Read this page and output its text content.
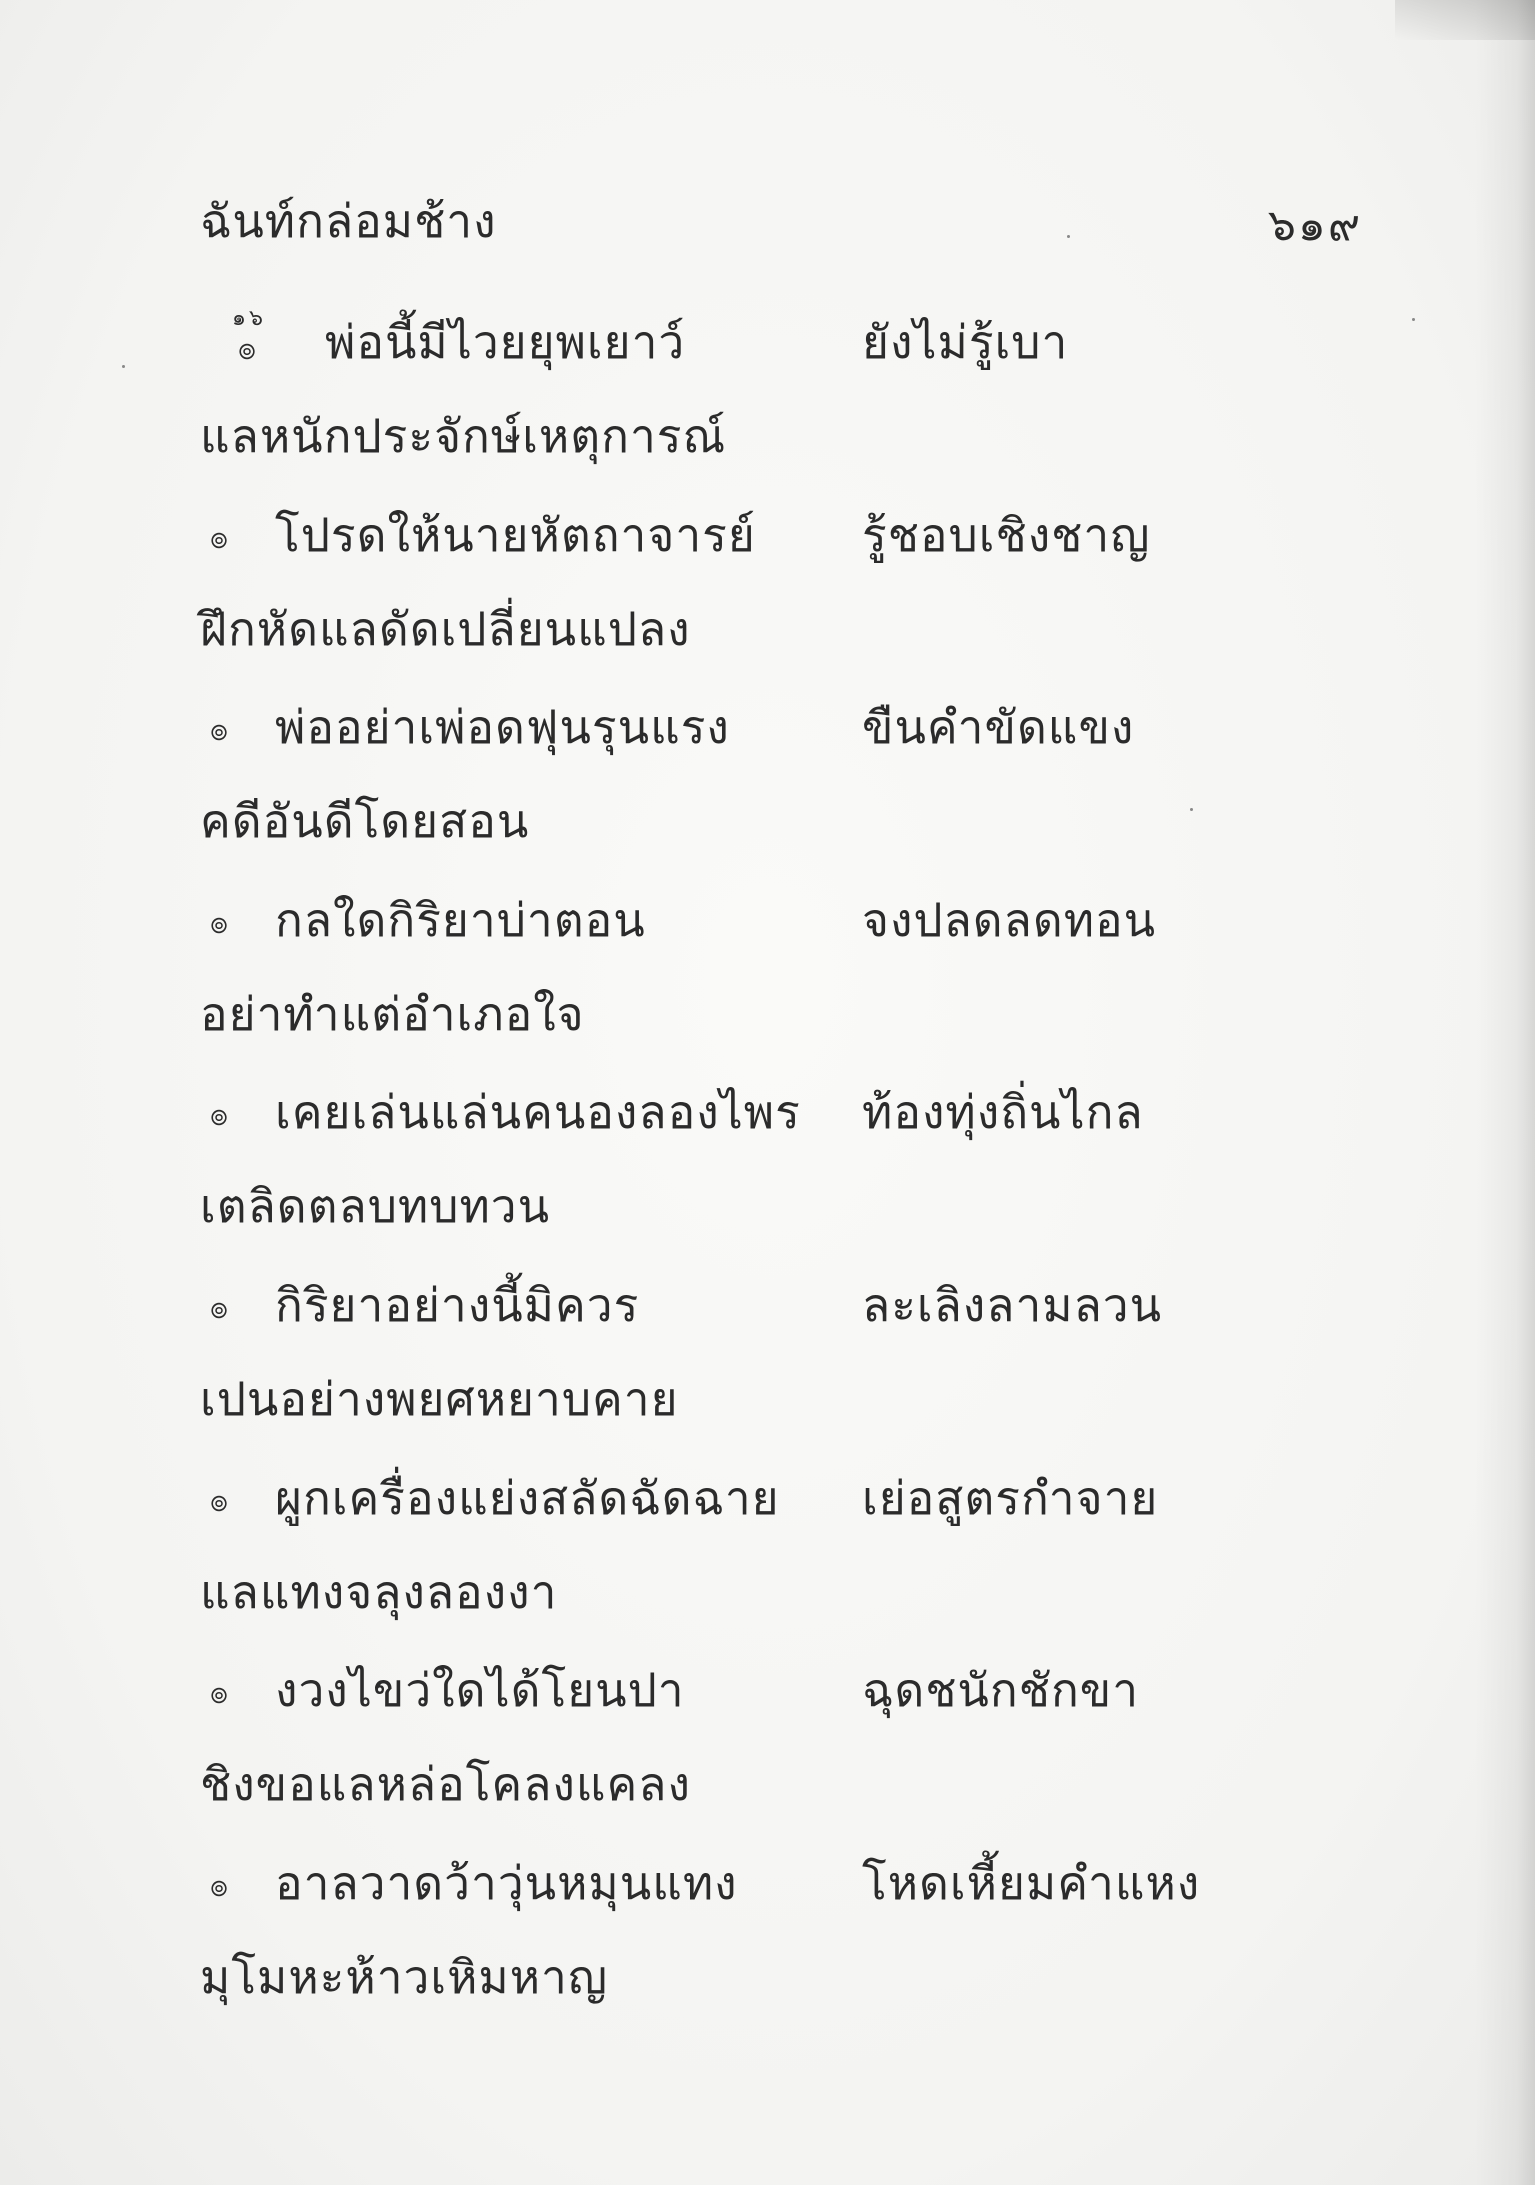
ฉันท์กล่อมช้าง	๖๑๙
๑๖
๏ พ่อนี้มีไวยยุพเยาว์	ยังไม่รู้เบา
แลหนักประจักษ์เหตุการณ์
๏ โปรดให้นายหัตถาจารย์ รู้ชอบเชิงชาญ
ฝึกหัดแลดัดเปลี่ยนแปลง
๏ พ่ออย่าเพ่อดฟุนรุนแรง	ขืนคำขัดแขง
คดีอันดีโดยสอน
๏ กลใดกิริยาบ่าตอน	จงปลดลดทอน
อย่าทำแต่อำเภอใจ
๏ เคยเล่นแล่นคนองลองไพร ท้องทุ่งถิ่นไกล
เตลิดตลบทบทวน
๏ กิริยาอย่างนี้มิควร	ละเลิงลามลวน
เปนอย่างพยศหยาบคาย
๏ ผูกเครื่องแย่งสลัดฉัดฉาย เย่อสูตรกำจาย
แลแทงจลุงลองงา
๏ งวงไขว่ใดได้โยนปา	ฉุดชนักชักขา
ชิงขอแลหล่อโคลงแคลง
๏ อาลวาดว้าวุ่นหมุนแทง	โหดเหี้ยมคำแหง
มุโมหะห้าวเหิมหาญ
